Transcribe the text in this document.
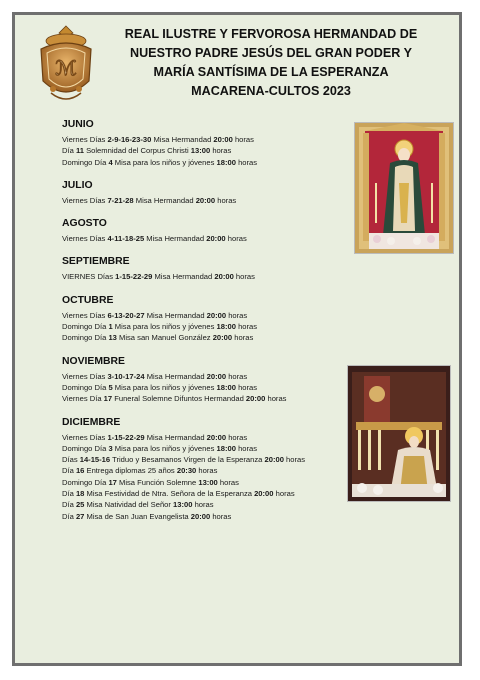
ℳ
REAL ILUSTRE Y FERVOROSA HERMANDAD DE
NUESTRO PADRE JESÚS DEL GRAN PODER Y
MARÍA SANTÍSIMA DE LA ESPERANZA
MACARENA-CULTOS 2023
JUNIO
Viernes Días 2-9-16-23-30 Misa Hermandad 20:00 horas
Día 11 Solemnidad del Corpus Christi 13:00 horas
Domingo Día 4 Misa para los niños y jóvenes 18:00 horas
JULIO
Viernes Días 7-21-28 Misa Hermandad 20:00 horas
AGOSTO
Viernes Días 4-11-18-25 Misa Hermandad 20:00 horas
SEPTIEMBRE
VIERNES Días 1-15-22-29 Misa Hermandad 20:00 horas
OCTUBRE
Viernes Días 6-13-20-27 Misa Hermandad 20:00 horas
Domingo Día 1 Misa para los niños y jóvenes 18:00 horas
Domingo Día 13 Misa san Manuel González 20:00 horas
NOVIEMBRE
Viernes Días 3-10-17-24 Misa Hermandad 20:00 horas
Domingo Día 5 Misa para los niños y jóvenes 18:00 horas
Viernes Día 17 Funeral Solemne Difuntos Hermandad 20:00 horas
DICIEMBRE
Viernes Días 1-15-22-29 Misa Hermandad 20:00 horas
Domingo Día 3 Misa para los niños y jóvenes 18:00 horas
Días 14-15-16 Triduo y Besamanos Virgen de la Esperanza 20:00 horas
Día 16 Entrega diplomas 25 años 20:30 horas
Domingo Día 17 Misa Función Solemne 13:00 horas
Día 18 Misa Festividad de Ntra. Señora de la Esperanza 20:00 horas
Día 25 Misa Natividad del Señor 13:00 horas
Día 27 Misa de San Juan Evangelista 20:00 horas
